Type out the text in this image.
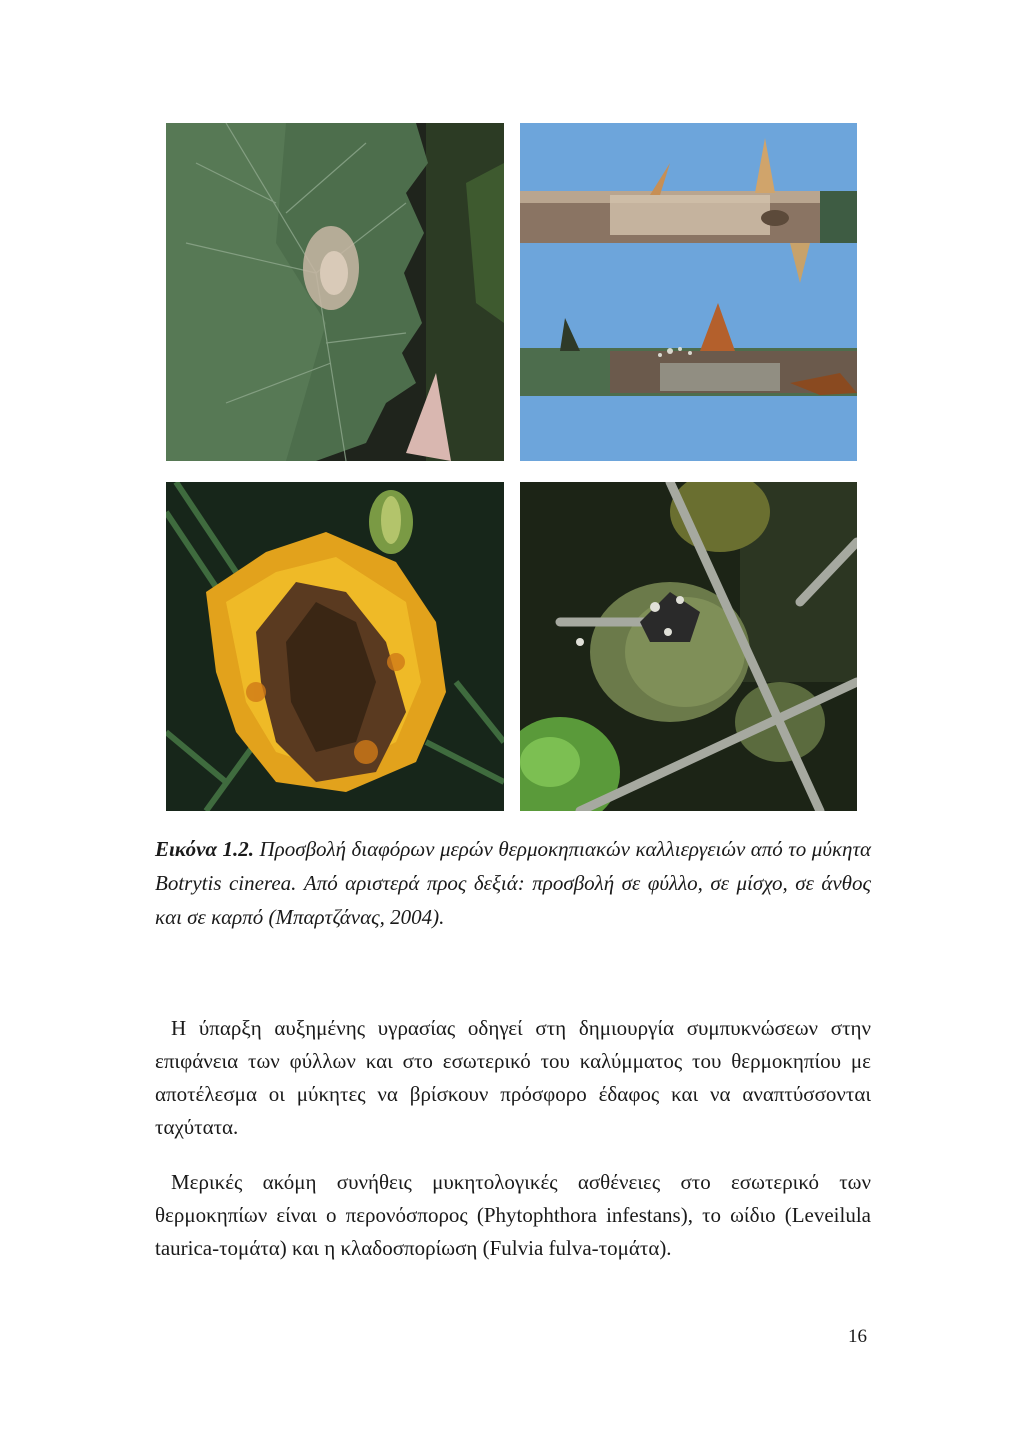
Εικόνα 1.2. Προσβολή διαφόρων μερών θερμοκηπιακών καλλιεργειών από το μύκητα Botrytis cinerea. Από αριστερά προς δεξιά: προσβολή σε φύλλο, σε μίσχο, σε άνθος και σε καρπό (Μπαρτζάνας, 2004).

Η ύπαρξη αυξημένης υγρασίας οδηγεί στη δημιουργία συμπυκνώσεων στην επιφάνεια των φύλλων και στο εσωτερικό του καλύμματος του θερμοκηπίου με αποτέλεσμα οι μύκητες να βρίσκουν πρόσφορο έδαφος και να αναπτύσσονται ταχύτατα.

Μερικές ακόμη συνήθεις μυκητολογικές ασθένειες στο εσωτερικό των θερμοκηπίων είναι ο περονόσπορος (Phytophthora infestans), το ωίδιο (Leveilula taurica-τομάτα) και η κλαδοσπορίωση (Fulvia fulva-τομάτα).

16
